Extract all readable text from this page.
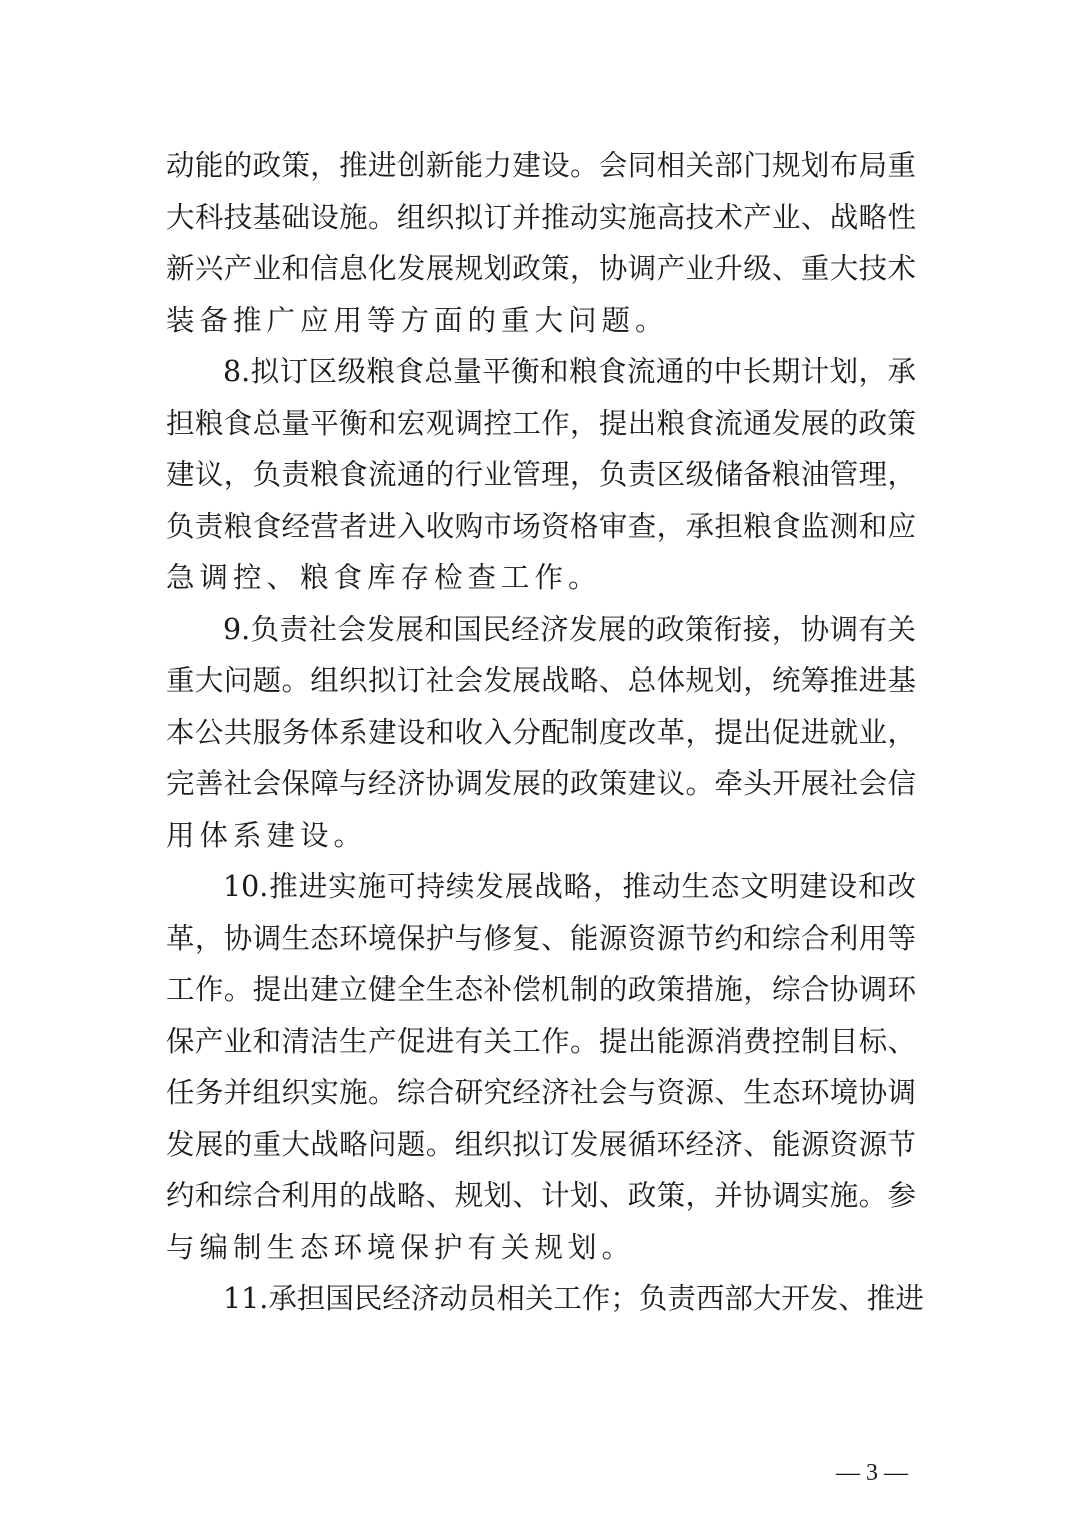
动能的政策，推进创新能力建设。会同相关部门规划布局重
大科技基础设施。组织拟订并推动实施高技术产业、战略性
新兴产业和信息化发展规划政策，协调产业升级、重大技术
装备推广应用等方面的重大问题。
8.拟订区级粮食总量平衡和粮食流通的中长期计划，承
担粮食总量平衡和宏观调控工作，提出粮食流通发展的政策
建议，负责粮食流通的行业管理，负责区级储备粮油管理，
负责粮食经营者进入收购市场资格审查，承担粮食监测和应
急调控、粮食库存检查工作。
9.负责社会发展和国民经济发展的政策衔接，协调有关
重大问题。组织拟订社会发展战略、总体规划，统筹推进基
本公共服务体系建设和收入分配制度改革，提出促进就业，
完善社会保障与经济协调发展的政策建议。牵头开展社会信
用体系建设。
10.推进实施可持续发展战略，推动生态文明建设和改
革，协调生态环境保护与修复、能源资源节约和综合利用等
工作。提出建立健全生态补偿机制的政策措施，综合协调环
保产业和清洁生产促进有关工作。提出能源消费控制目标、
任务并组织实施。综合研究经济社会与资源、生态环境协调
发展的重大战略问题。组织拟订发展循环经济、能源资源节
约和综合利用的战略、规划、计划、政策，并协调实施。参
与编制生态环境保护有关规划。
11.承担国民经济动员相关工作；负责西部大开发、推进
— 3 —
